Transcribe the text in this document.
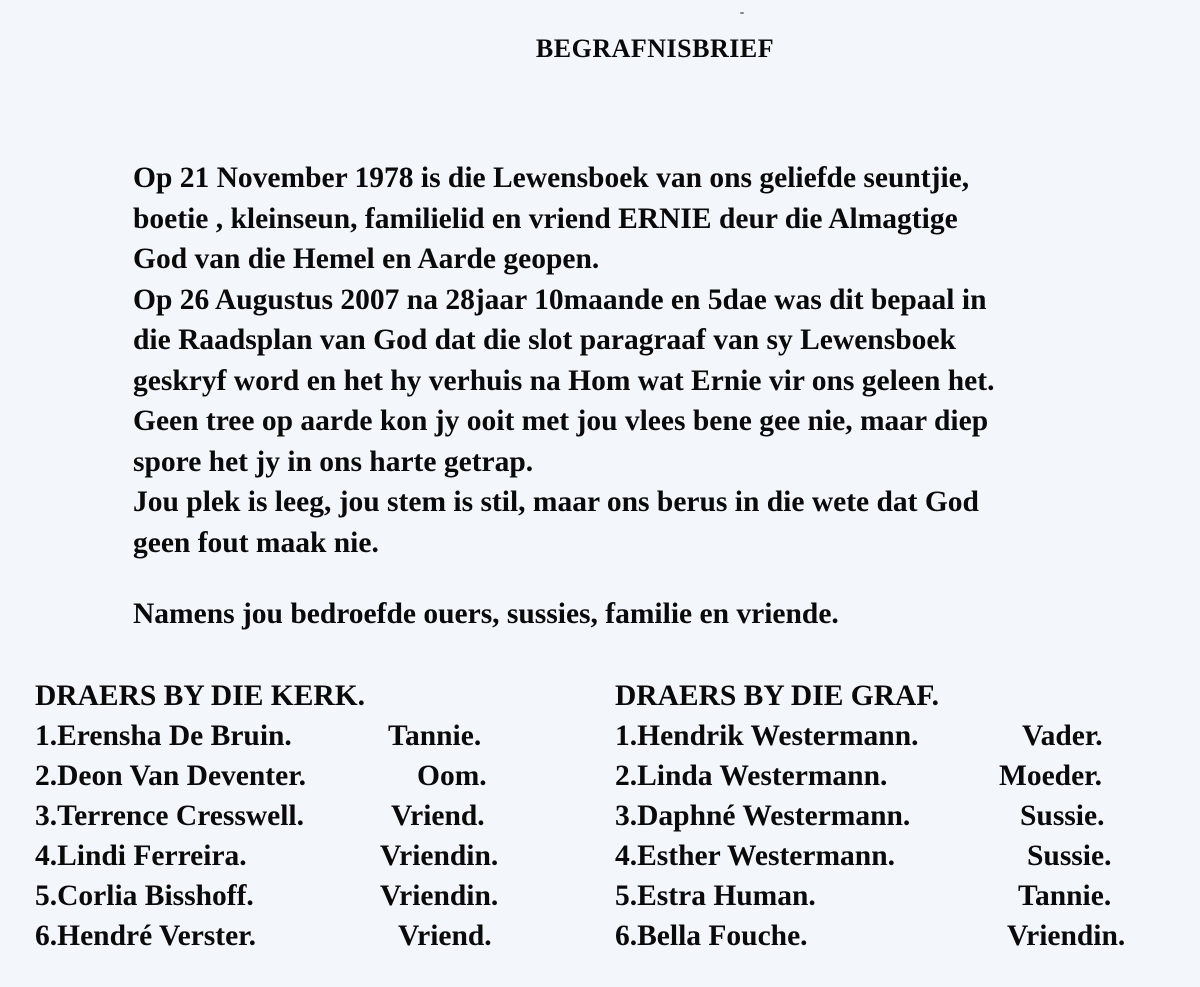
BEGRAFNISBRIEF
Op 21 November 1978 is die Lewensboek van ons geliefde seuntjie,
boetie , kleinseun, familielid en vriend ERNIE deur die Almagtige
God van die Hemel en Aarde geopen.
Op 26 Augustus 2007 na 28jaar 10maande en 5dae was dit bepaal in
die Raadsplan van God dat die slot paragraaf van sy Lewensboek
geskryf word en het hy verhuis na Hom wat Ernie vir ons geleen het.
Geen tree op aarde kon jy ooit met jou vlees bene gee nie, maar diep
spore het jy in ons harte getrap.
Jou plek is leeg, jou stem is stil, maar ons berus in die wete dat God
geen fout maak nie.
Namens jou bedroefde ouers, sussies, familie en vriende.
DRAERS BY DIE KERK.
1.Erensha De Bruin.	Tannie.
2.Deon Van Deventer.	Oom.
3.Terrence Cresswell.	Vriend.
4.Lindi Ferreira.	Vriendin.
5.Corlia Bisshoff.	Vriendin.
6.Hendré Verster.	Vriend.
DRAERS BY DIE GRAF.
1.Hendrik Westermann.	Vader.
2.Linda Westermann.	Moeder.
3.Daphné Westermann.	Sussie.
4.Esther Westermann.	Sussie.
5.Estra Human.	Tannie.
6.Bella Fouche.	Vriendin.
